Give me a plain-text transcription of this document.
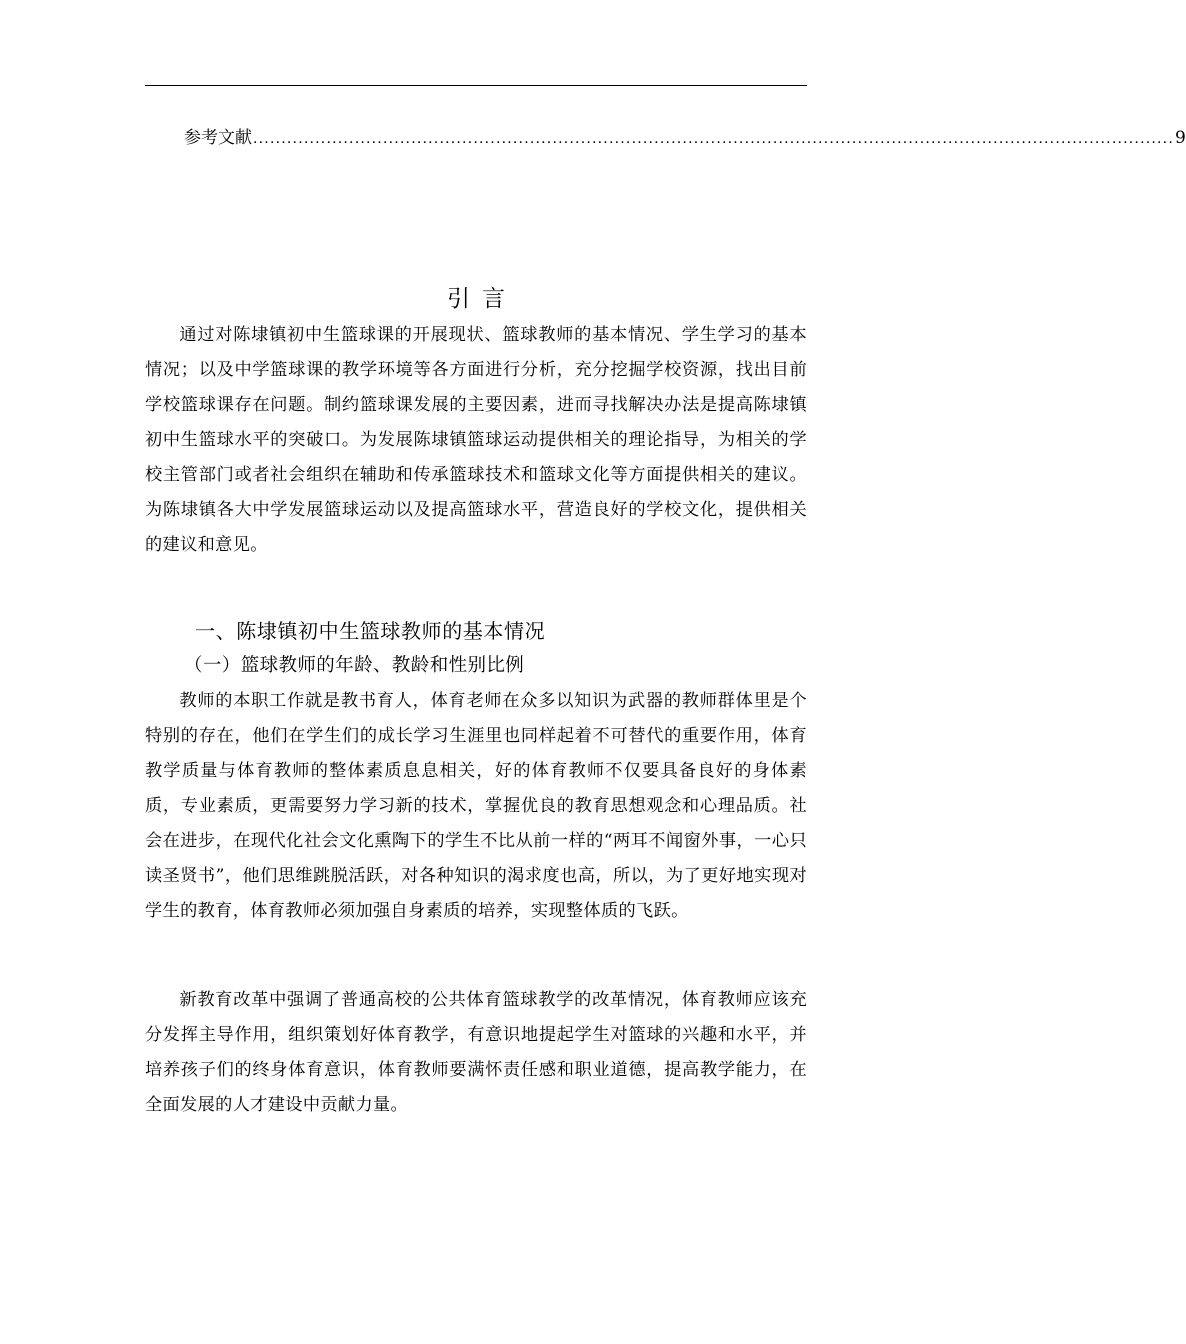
参考文献 ................................................................................................................................................................... 9
引言

通过对陈埭镇初中生篮球课的开展现状、篮球教师的基本情况、学生学习的基本情况；以及中学篮球课的教学环境等各方面进行分析，充分挖掘学校资源，找出目前学校篮球课存在问题。制约篮球课发展的主要因素，进而寻找解决办法是提高陈埭镇初中生篮球水平的突破口。为发展陈埭镇篮球运动提供相关的理论指导，为相关的学校主管部门或者社会组织在辅助和传承篮球技术和篮球文化等方面提供相关的建议。为陈埭镇各大中学发展篮球运动以及提高篮球水平，营造良好的学校文化，提供相关的建议和意见。

一、陈埭镇初中生篮球教师的基本情况
（一）篮球教师的年龄、教龄和性别比例

教师的本职工作就是教书育人，体育老师在众多以知识为武器的教师群体里是个特别的存在，他们在学生们的成长学习生涯里也同样起着不可替代的重要作用，体育教学质量与体育教师的整体素质息息相关，好的体育教师不仅要具备良好的身体素质，专业素质，更需要努力学习新的技术，掌握优良的教育思想观念和心理品质。社会在进步，在现代化社会文化熏陶下的学生不比从前一样的“两耳不闻窗外事，一心只读圣贤书”，他们思维跳脱活跃，对各种知识的渴求度也高，所以，为了更好地实现对学生的教育，体育教师必须加强自身素质的培养，实现整体质的飞跃。

新教育改革中强调了普通高校的公共体育篮球教学的改革情况，体育教师应该充分发挥主导作用，组织策划好体育教学，有意识地提起学生对篮球的兴趣和水平，并培养孩子们的终身体育意识，体育教师要满怀责任感和职业道德，提高教学能力，在全面发展的人才建设中贡献力量。
